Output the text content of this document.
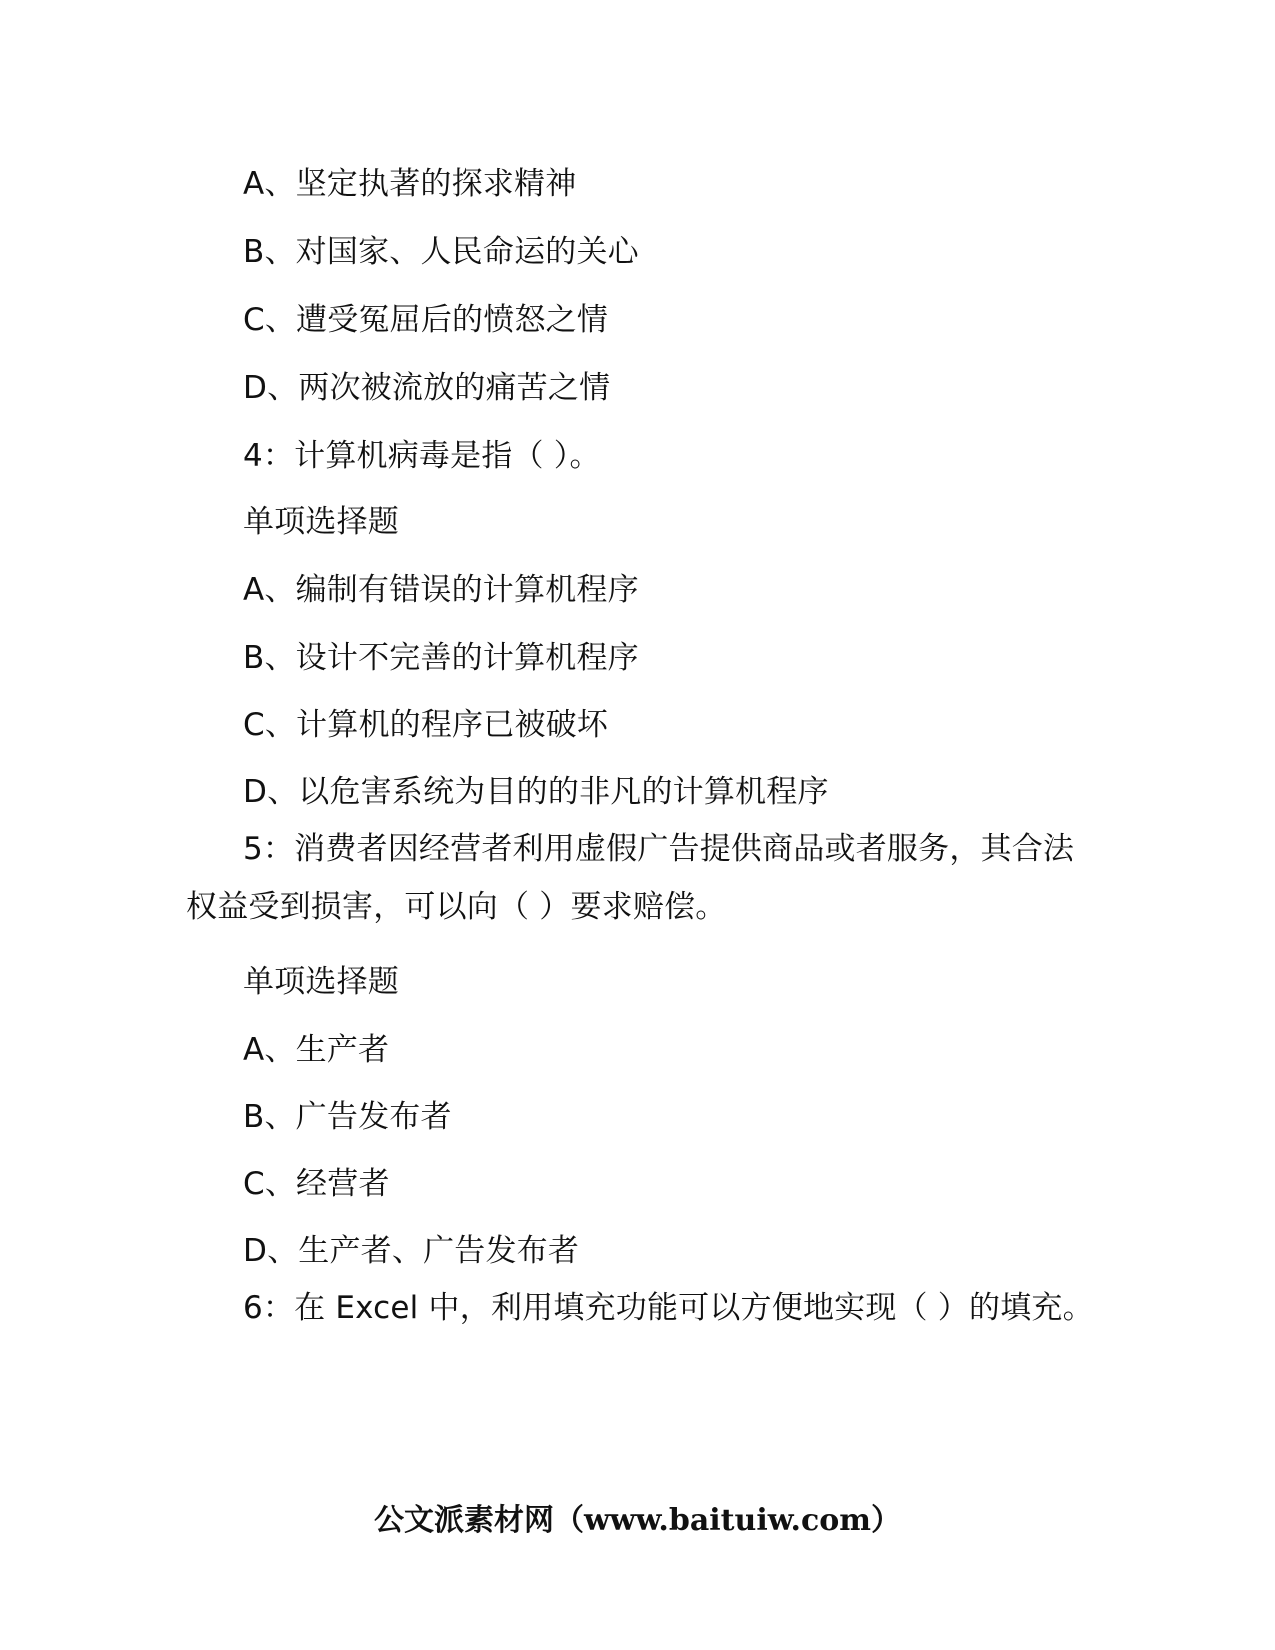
A、坚定执著的探求精神
B、对国家、人民命运的关心
C、遭受冤屈后的愤怒之情
D、两次被流放的痛苦之情
4：计算机病毒是指（ ）。
单项选择题
A、编制有错误的计算机程序
B、设计不完善的计算机程序
C、计算机的程序已被破坏
D、以危害系统为目的的非凡的计算机程序
5：消费者因经营者利用虚假广告提供商品或者服务，其合法权益受到损害，可以向（ ）要求赔偿。
单项选择题
A、生产者
B、广告发布者
C、经营者
D、生产者、广告发布者
6：在 Excel 中，利用填充功能可以方便地实现（ ）的填充。
公文派素材网（www.baituiw.com）
